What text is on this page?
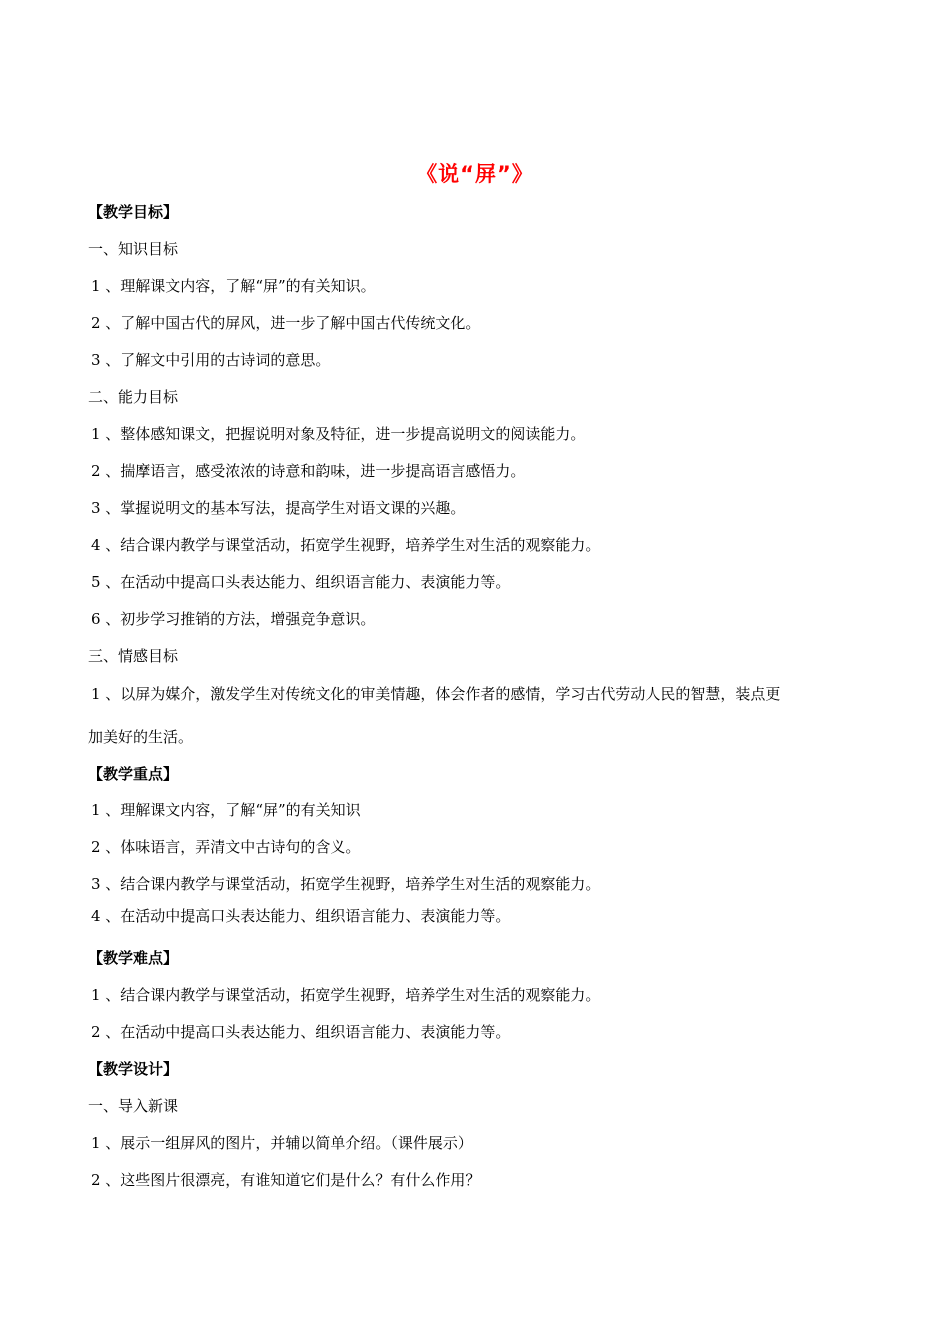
《说“屏”》
【教学目标】
一、知识目标
1 、理解课文内容，了解“屏”的有关知识。
2 、了解中国古代的屏风，进一步了解中国古代传统文化。
3 、了解文中引用的古诗词的意思。
二、能力目标
1 、整体感知课文，把握说明对象及特征，进一步提高说明文的阅读能力。
2 、揣摩语言，感受浓浓的诗意和韵味，进一步提高语言感悟力。
3 、掌握说明文的基本写法，提高学生对语文课的兴趣。
4 、结合课内教学与课堂活动，拓宽学生视野，培养学生对生活的观察能力。
5 、在活动中提高口头表达能力、组织语言能力、表演能力等。
6 、初步学习推销的方法，增强竞争意识。
三、情感目标
1 、以屏为媒介，激发学生对传统文化的审美情趣，体会作者的感情，学习古代劳动人民的智慧，装点更
加美好的生活。
【教学重点】
1 、理解课文内容，了解“屏”的有关知识
2 、体味语言，弄清文中古诗句的含义。
3 、结合课内教学与课堂活动，拓宽学生视野，培养学生对生活的观察能力。
4 、在活动中提高口头表达能力、组织语言能力、表演能力等。
【教学难点】
1 、结合课内教学与课堂活动，拓宽学生视野，培养学生对生活的观察能力。
2 、在活动中提高口头表达能力、组织语言能力、表演能力等。
【教学设计】
一、导入新课
1 、展示一组屏风的图片，并辅以简单介绍。（课件展示）
2 、这些图片很漂亮，有谁知道它们是什么？有什么作用？
